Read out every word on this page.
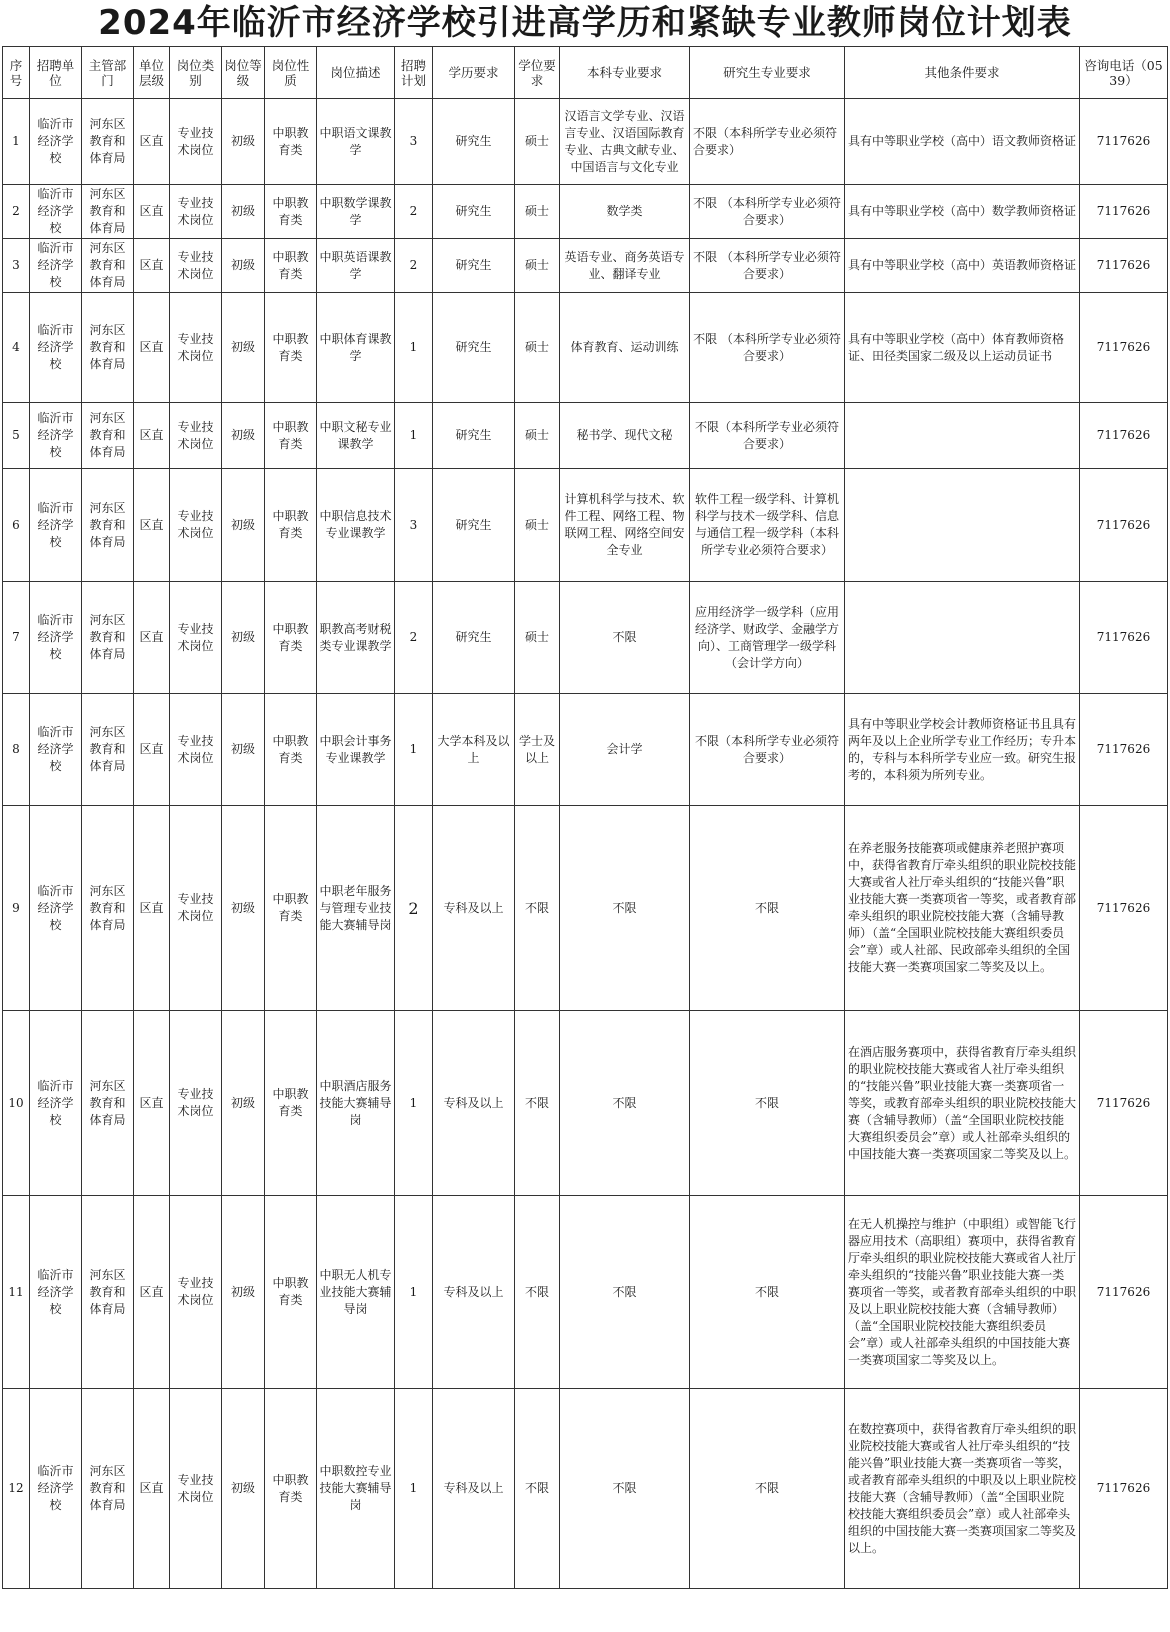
2024年临沂市经济学校引进高学历和紧缺专业教师岗位计划表
序号	招聘单位	主管部门	单位层级	岗位类别	岗位等级	岗位性质	岗位描述	招聘计划	学历要求	学位要求	本科专业要求	研究生专业要求	其他条件要求	咨询电话（0539）
1	临沂市经济学校	河东区教育和体育局	区直	专业技术岗位	初级	中职教育类	中职语文课教学	3	研究生	硕士	汉语言文学专业、汉语言专业、汉语国际教育专业、古典文献专业、中国语言与文化专业	不限（本科所学专业必须符合要求）	具有中等职业学校（高中）语文教师资格证	7117626
2	临沂市经济学校	河东区教育和体育局	区直	专业技术岗位	初级	中职教育类	中职数学课教学	2	研究生	硕士	数学类	不限 （本科所学专业必须符合要求）	具有中等职业学校（高中）数学教师资格证	7117626
3	临沂市经济学校	河东区教育和体育局	区直	专业技术岗位	初级	中职教育类	中职英语课教学	2	研究生	硕士	英语专业、商务英语专业、翻译专业	不限 （本科所学专业必须符合要求）	具有中等职业学校（高中）英语教师资格证	7117626
4	临沂市经济学校	河东区教育和体育局	区直	专业技术岗位	初级	中职教育类	中职体育课教学	1	研究生	硕士	体育教育、运动训练	不限 （本科所学专业必须符合要求）	具有中等职业学校（高中）体育教师资格证、田径类国家二级及以上运动员证书	7117626
5	临沂市经济学校	河东区教育和体育局	区直	专业技术岗位	初级	中职教育类	中职文秘专业课教学	1	研究生	硕士	秘书学、现代文秘	不限（本科所学专业必须符合要求）		7117626
6	临沂市经济学校	河东区教育和体育局	区直	专业技术岗位	初级	中职教育类	中职信息技术专业课教学	3	研究生	硕士	计算机科学与技术、软件工程、网络工程、物联网工程、网络空间安全专业	软件工程一级学科、计算机科学与技术一级学科、信息与通信工程一级学科（本科所学专业必须符合要求）		7117626
7	临沂市经济学校	河东区教育和体育局	区直	专业技术岗位	初级	中职教育类	职教高考财税类专业课教学	2	研究生	硕士	不限	应用经济学一级学科（应用经济学、财政学、金融学方向）、工商管理学一级学科（会计学方向）		7117626
8	临沂市经济学校	河东区教育和体育局	区直	专业技术岗位	初级	中职教育类	中职会计事务专业课教学	1	大学本科及以上	学士及以上	会计学	不限（本科所学专业必须符合要求）	具有中等职业学校会计教师资格证书且具有两年及以上企业所学专业工作经历；专升本的，专科与本科所学专业应一致。研究生报考的，本科须为所列专业。	7117626
9	临沂市经济学校	河东区教育和体育局	区直	专业技术岗位	初级	中职教育类	中职老年服务与管理专业技能大赛辅导岗	2	专科及以上	不限	不限	不限	在养老服务技能赛项或健康养老照护赛项中，获得省教育厅牵头组织的职业院校技能大赛或省人社厅牵头组织的“技能兴鲁”职业技能大赛一类赛项省一等奖，或者教育部牵头组织的职业院校技能大赛（含辅导教师）（盖“全国职业院校技能大赛组织委员会”章）或人社部、民政部牵头组织的全国技能大赛一类赛项国家二等奖及以上。	7117626
10	临沂市经济学校	河东区教育和体育局	区直	专业技术岗位	初级	中职教育类	中职酒店服务技能大赛辅导岗	1	专科及以上	不限	不限	不限	在酒店服务赛项中，获得省教育厅牵头组织的职业院校技能大赛或省人社厅牵头组织的“技能兴鲁”职业技能大赛一类赛项省一等奖，或教育部牵头组织的职业院校技能大赛（含辅导教师）（盖“全国职业院校技能大赛组织委员会”章）或人社部牵头组织的中国技能大赛一类赛项国家二等奖及以上。	7117626
11	临沂市经济学校	河东区教育和体育局	区直	专业技术岗位	初级	中职教育类	中职无人机专业技能大赛辅导岗	1	专科及以上	不限	不限	不限	在无人机操控与维护（中职组）或智能飞行器应用技术（高职组）赛项中，获得省教育厅牵头组织的职业院校技能大赛或省人社厅牵头组织的“技能兴鲁”职业技能大赛一类赛项省一等奖，或者教育部牵头组织的中职及以上职业院校技能大赛（含辅导教师）（盖“全国职业院校技能大赛组织委员会”章）或人社部牵头组织的中国技能大赛一类赛项国家二等奖及以上。	7117626
12	临沂市经济学校	河东区教育和体育局	区直	专业技术岗位	初级	中职教育类	中职数控专业技能大赛辅导岗	1	专科及以上	不限	不限	不限	在数控赛项中，获得省教育厅牵头组织的职业院校技能大赛或省人社厅牵头组织的“技能兴鲁”职业技能大赛一类赛项省一等奖，或者教育部牵头组织的中职及以上职业院校技能大赛（含辅导教师）（盖“全国职业院校技能大赛组织委员会”章）或人社部牵头组织的中国技能大赛一类赛项国家二等奖及以上。	7117626
